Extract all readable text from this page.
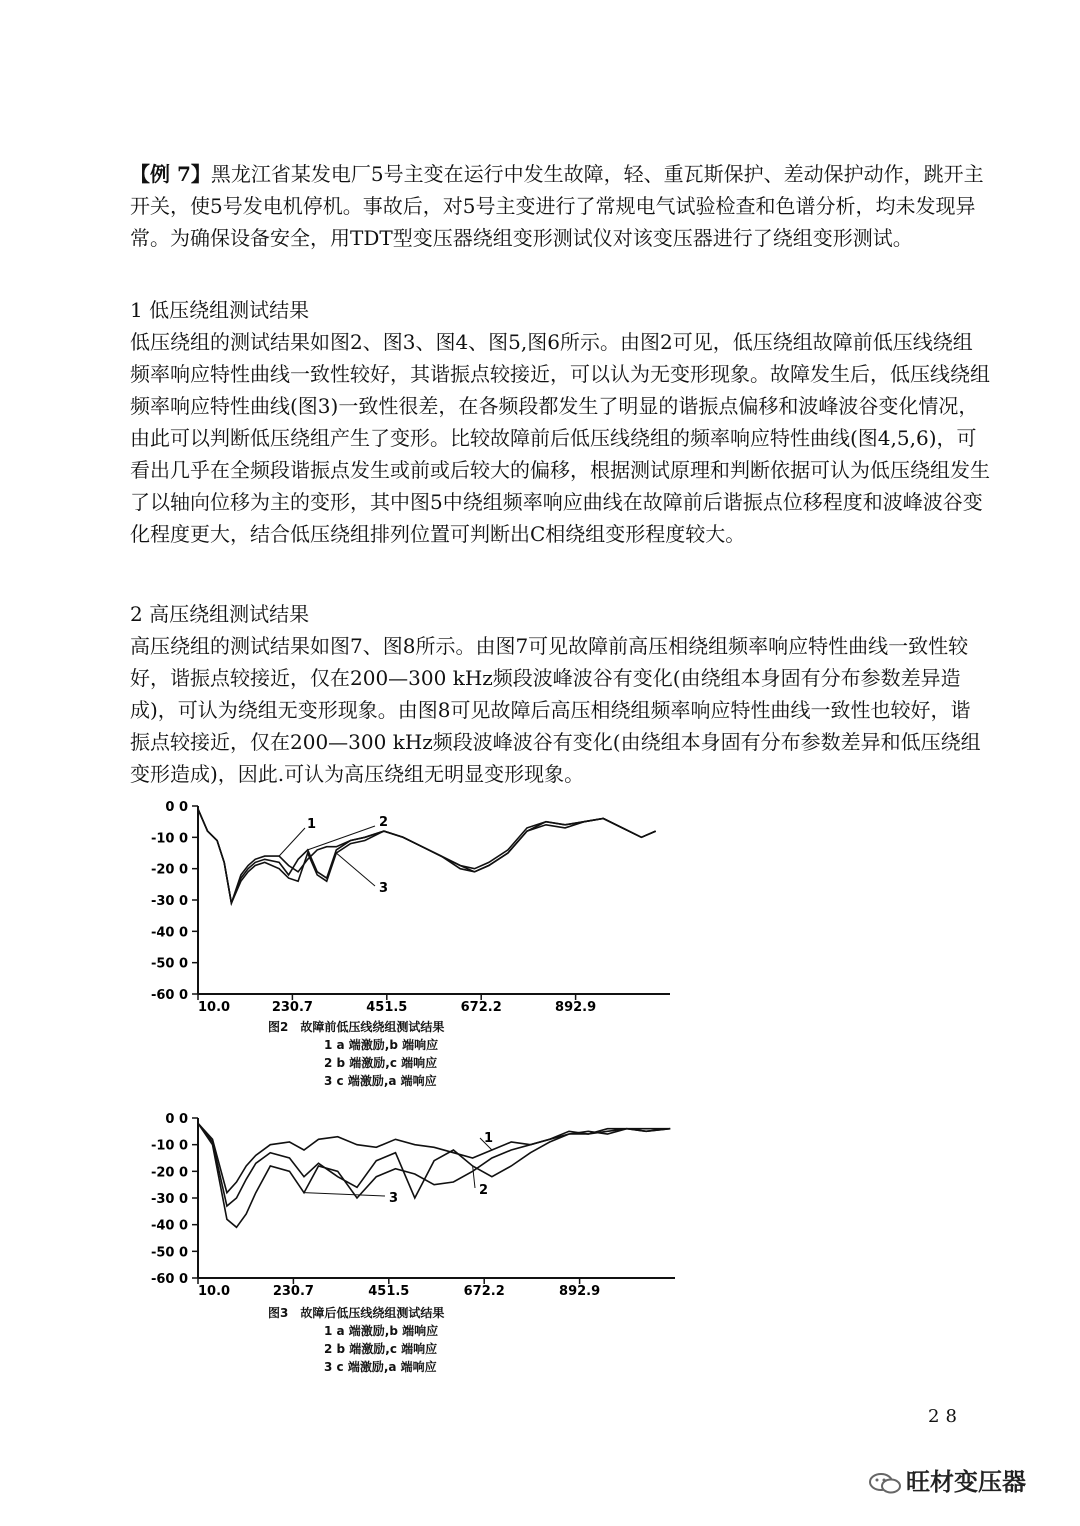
【例 7】黑龙江省某发电厂5号主变在运行中发生故障，轻、重瓦斯保护、差动保护动作，跳开主开关，使5号发电机停机。事故后，对5号主变进行了常规电气试验检查和色谱分析，均未发现异常。为确保设备安全，用TDT型变压器绕组变形测试仪对该变压器进行了绕组变形测试。

1 低压绕组测试结果

低压绕组的测试结果如图2、图3、图4、图5,图6所示。由图2可见，低压绕组故障前低压线绕组频率响应特性曲线一致性较好，其谐振点较接近，可以认为无变形现象。故障发生后，低压线绕组频率响应特性曲线(图3)一致性很差，在各频段都发生了明显的谐振点偏移和波峰波谷变化情况，由此可以判断低压绕组产生了变形。比较故障前后低压线绕组的频率响应特性曲线(图4,5,6)，可看出几乎在全频段谐振点发生或前或后较大的偏移，根据测试原理和判断依据可认为低压绕组发生了以轴向位移为主的变形，其中图5中绕组频率响应曲线在故障前后谐振点位移程度和波峰波谷变化程度更大，结合低压绕组排列位置可判断出C相绕组变形程度较大。

2 高压绕组测试结果

高压绕组的测试结果如图7、图8所示。由图7可见故障前高压相绕组频率响应特性曲线一致性较好，谐振点较接近，仅在200—300 kHz频段波峰波谷有变化(由绕组本身固有分布参数差异造成)，可认为绕组无变形现象。由图8可见故障后高压相绕组频率响应特性曲线一致性也较好，谐振点较接近，仅在200—300 kHz频段波峰波谷有变化(由绕组本身固有分布参数差异和低压绕组变形造成)，因此.可认为高压绕组无明显变形现象。

0 0
-10 0
-20 0
-30 0
-40 0
-50 0
-60 0
10.0	230.7	451.5	672.2	892.9
1	2
3
图2　故障前低压线绕组测试结果
1 a 端激励,b 端响应
2 b 端激励,c 端响应
3 c 端激励,a 端响应
0 0
-10 0
-20 0
-30 0
-40 0
-50 0
-60 0
10.0	230.7	451.5	672.2	892.9
1
2
3
图3　故障后低压线绕组测试结果
1 a 端激励,b 端响应
2 b 端激励,c 端响应
3 c 端激励,a 端响应
28
旺材变压器
